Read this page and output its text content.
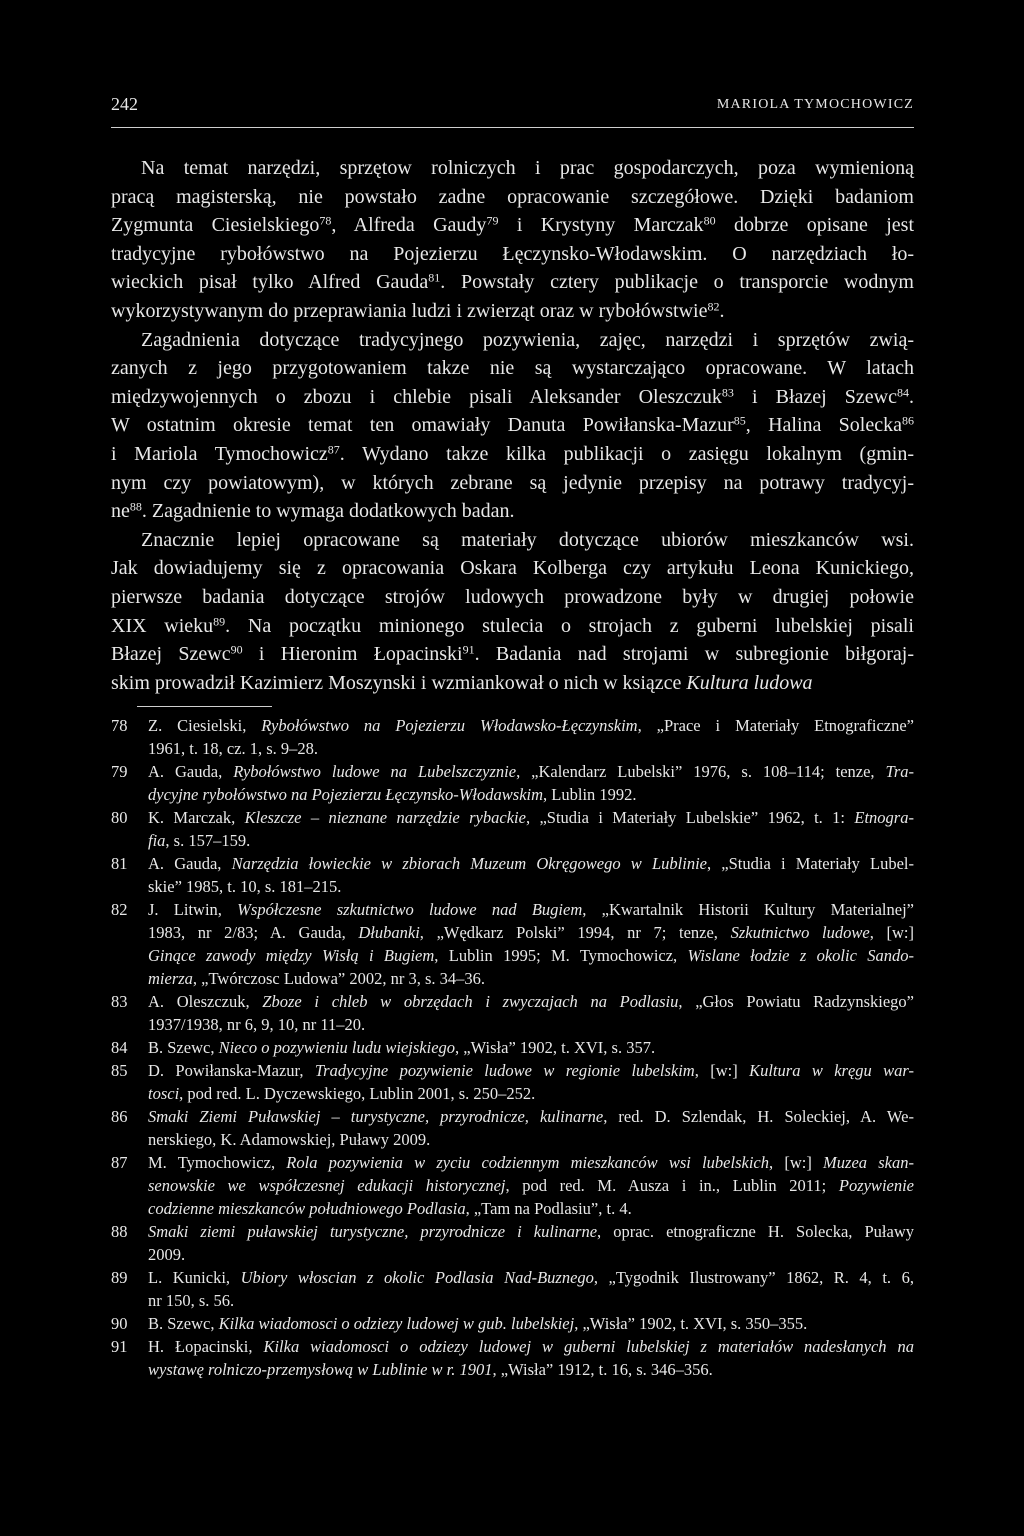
242	MARIOLA TYMOCHOWICZ
Na temat narzędzi, sprzętow rolniczych i prac gospodarczych, poza wymienioną
pracą magisterską, nie powstało zadne opracowanie szczegółowe. Dzięki badaniom
Zygmunta Ciesielskiego$^{78}$, Alfreda Gaudy$^{79}$ i Krystyny Marczak$^{80}$ dobrze opisane jest
tradycyjne rybołówstwo na Pojezierzu Łęczynsko-Włodawskim. O narzędziach ło-
wieckich pisał tylko Alfred Gauda$^{81}$. Powstały cztery publikacje o transporcie wodnym
wykorzystywanym do przeprawiania ludzi i zwierząt oraz w rybołówstwie$^{82}$.
Zagadnienia dotyczące tradycyjnego pozywienia, zajęc, narzędzi i sprzętów zwią-
zanych z jego przygotowaniem takze nie są wystarczająco opracowane. W latach
międzywojennych o zbozu i chlebie pisali Aleksander Oleszczuk$^{83}$ i Błazej Szewc$^{84}$.
W ostatnim okresie temat ten omawiały Danuta Powiłanska-Mazur$^{85}$, Halina Solecka$^{86}$
i Mariola Tymochowicz$^{87}$. Wydano takze kilka publikacji o zasięgu lokalnym (gmin-
nym czy powiatowym), w których zebrane są jedynie przepisy na potrawy tradycyj-
$ne^{88}$. Zagadnienie to wymaga dodatkowych badan.
Znacznie lepiej opracowane są materiały dotyczące ubiorów mieszkanców wsi.
Jak dowiadujemy się z opracowania Oskara Kolberga czy artykułu Leona Kunickiego,
pierwsze badania dotyczące strojów ludowych prowadzone były w drugiej połowie
XIX wieku$^{89}$. Na początku minionego stulecia o strojach z guberni lubelskiej pisali
Błazej Szewc$^{90}$ i Hieronim Łopacinski$^{91}$. Badania nad strojami w subregionie biłgoraj-
skim prowadził Kazimierz Moszynski i wzmiankował o nich w ksiązce Kultura ludowa
78	Z. Ciesielski, Rybołówstwo na Pojezierzu Włodawsko-Łęczynskim, „Prace i Materiały Etnograficzne”
1961, t. 18, cz. 1, s. 9–28.
79	A. Gauda, Rybołówstwo ludowe na Lubelszczyznie, „Kalendarz Lubelski” 1976, s. 108–114; tenze, Tra-
dycyjne rybołówstwo na Pojezierzu Łęczynsko-Włodawskim, Lublin 1992.
80	K. Marczak, Kleszcze – nieznane narzędzie rybackie, „Studia i Materiały Lubelskie” 1962, t. 1: Etnogra-
fia, s. 157–159.
81	A. Gauda, Narzędzia łowieckie w zbiorach Muzeum Okręgowego w Lublinie, „Studia i Materiały Lubel-
skie” 1985, t. 10, s. 181–215.
82	J. Litwin, Współczesne szkutnictwo ludowe nad Bugiem, „Kwartalnik Historii Kultury Materialnej”
1983, nr 2/83; A. Gauda, Dłubanki, „Wędkarz Polski” 1994, nr 7; tenze, Szkutnictwo ludowe, [w:]
Ginące zawody między Wisłą i Bugiem, Lublin 1995; M. Tymochowicz, Wislane łodzie z okolic Sando-
mierza, „Twórczosc Ludowa” 2002, nr 3, s. 34–36.
83	A. Oleszczuk, Zboze i chleb w obrzędach i zwyczajach na Podlasiu, „Głos Powiatu Radzynskiego”
1937/1938, nr 6, 9, 10, nr 11–20.
84	B. Szewc, Nieco o pozywieniu ludu wiejskiego, „Wisła” 1902, t. XVI, s. 357.
85	D. Powiłanska-Mazur, Tradycyjne pozywienie ludowe w regionie lubelskim, [w:] Kultura w kręgu war-
tosci, pod red. L. Dyczewskiego, Lublin 2001, s. 250–252.
86	Smaki Ziemi Puławskiej – turystyczne, przyrodnicze, kulinarne, red. D. Szlendak, H. Soleckiej, A. We-
nerskiego, K. Adamowskiej, Puławy 2009.
87	M. Tymochowicz, Rola pozywienia w zyciu codziennym mieszkanców wsi lubelskich, [w:] Muzea skan-
senowskie we współczesnej edukacji historycznej, pod red. M. Ausza i in., Lublin 2011; Pozywienie
codzienne mieszkanców południowego Podlasia, „Tam na Podlasiu”, t. 4.
88	Smaki ziemi puławskiej turystyczne, przyrodnicze i kulinarne, oprac. etnograficzne H. Solecka, Puławy
2009.
89	L. Kunicki, Ubiory włoscian z okolic Podlasia Nad-Buznego, „Tygodnik Ilustrowany” 1862, R. 4, t. 6,
nr 150, s. 56.
90	B. Szewc, Kilka wiadomosci o odziezy ludowej w gub. lubelskiej, „Wisła” 1902, t. XVI, s. 350–355.
91	H. Łopacinski, Kilka wiadomosci o odziezy ludowej w guberni lubelskiej z materiałów nadesłanych na
wystawę rolniczo-przemysłową w Lublinie w r. 1901, „Wisła” 1912, t. 16, s. 346–356.
